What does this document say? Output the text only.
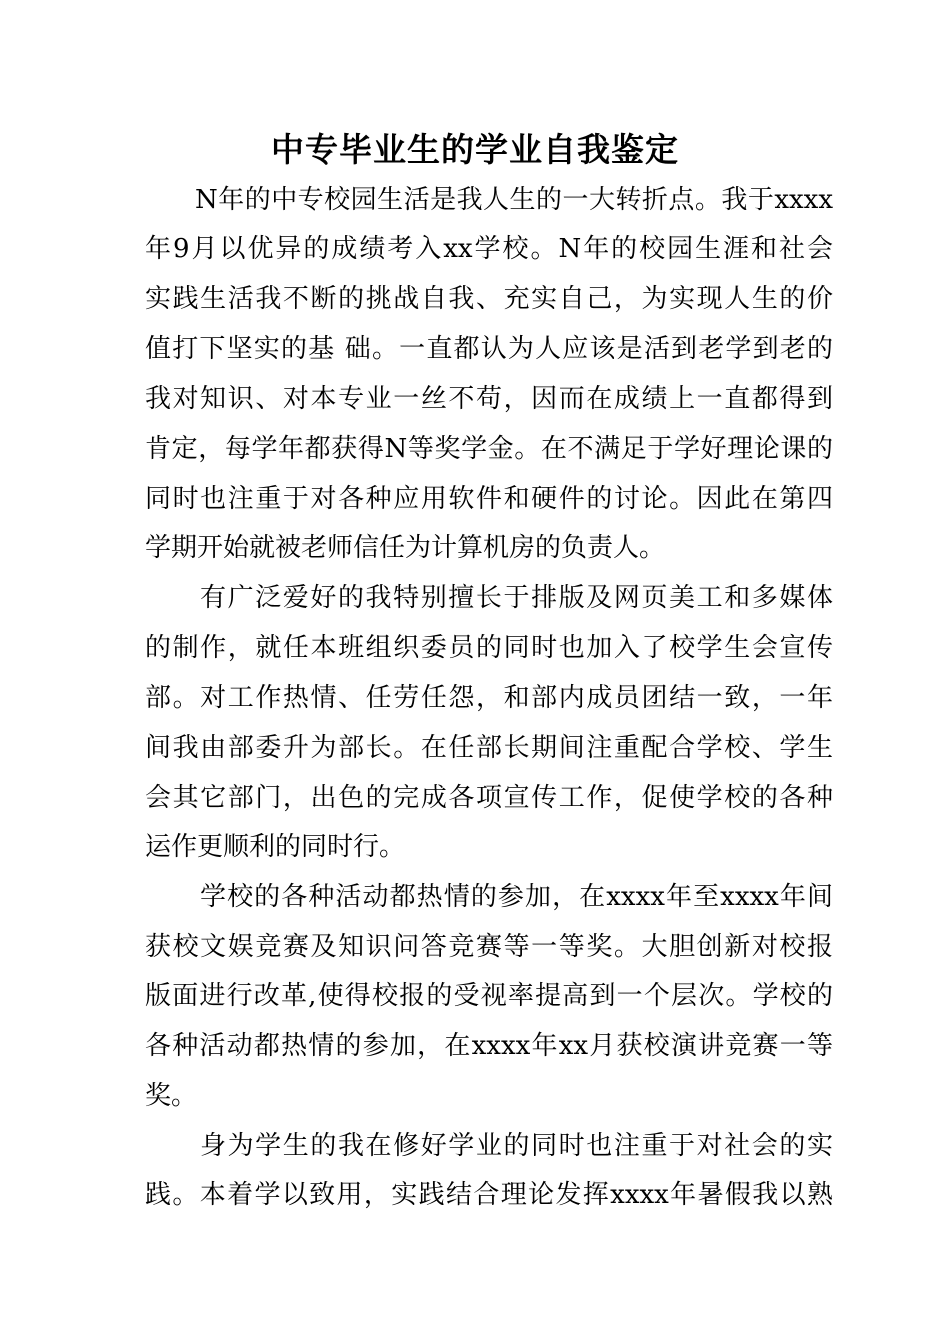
中专毕业生的学业自我鉴定
N年的中专校园生活是我人生的一大转折点。我于xxxx
年9月以优异的成绩考入xx学校。N年的校园生涯和社会
实践生活我不断的挑战自我、充实自己，为实现人生的价
值打下坚实的基 础。一直都认为人应该是活到老学到老的
我对知识、对本专业一丝不苟，因而在成绩上一直都得到
肯定，每学年都获得N等奖学金。在不满足于学好理论课的
同时也注重于对各种应用软件和硬件的讨论。因此在第四
学期开始就被老师信任为计算机房的负责人。
有广泛爱好的我特别擅长于排版及网页美工和多媒体
的制作，就任本班组织委员的同时也加入了校学生会宣传
部。对工作热情、任劳任怨，和部内成员团结一致，一年
间我由部委升为部长。在任部长期间注重配合学校、学生
会其它部门，出色的完成各项宣传工作，促使学校的各种
运作更顺利的同时行。
学校的各种活动都热情的参加，在xxxx年至xxxx年间
获校文娱竞赛及知识问答竞赛等一等奖。大胆创新对校报
版面进行改革,使得校报的受视率提高到一个层次。学校的
各种活动都热情的参加，在xxxx年xx月获校演讲竞赛一等
奖。
身为学生的我在修好学业的同时也注重于对社会的实
践。本着学以致用，实践结合理论发挥xxxx年暑假我以熟
